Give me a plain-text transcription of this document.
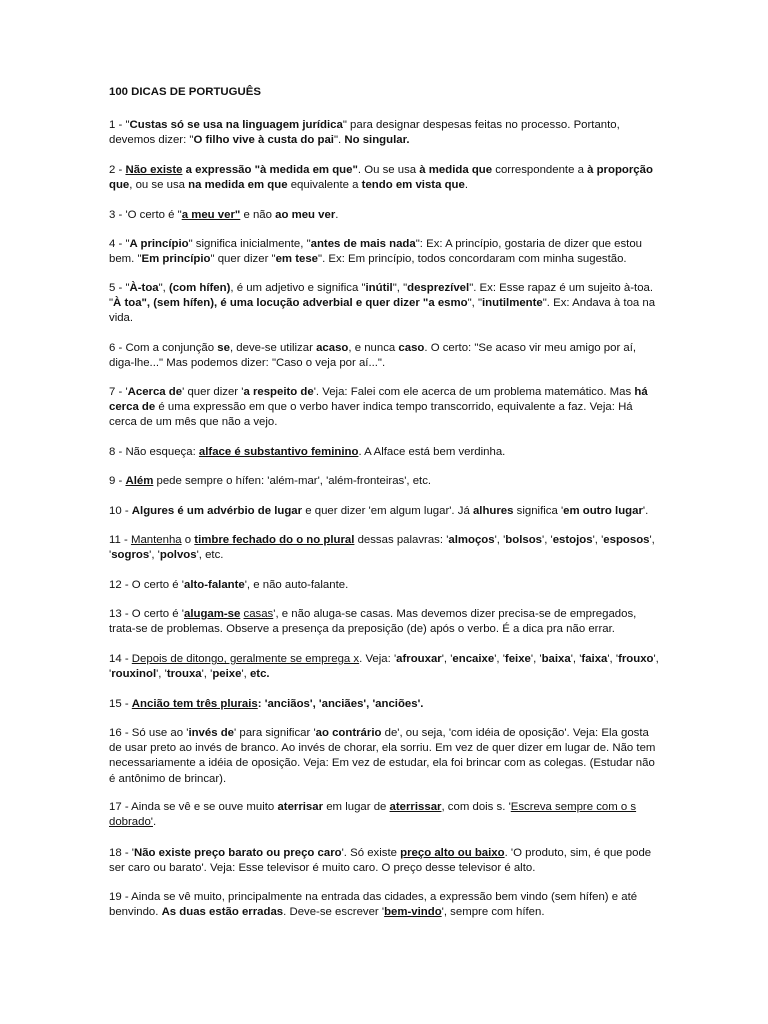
100 DICAS DE PORTUGUÊS
1 - "Custas só se usa na linguagem jurídica" para designar despesas feitas no processo. Portanto, devemos dizer: "O filho vive à custa do pai". No singular.
2 - Não existe a expressão "à medida em que". Ou se usa à medida que correspondente a à proporção que, ou se usa na medida em que equivalente a tendo em vista que.
3 - 'O certo é "a meu ver" e não ao meu ver.
4 - "A princípio" significa inicialmente, "antes de mais nada": Ex: A princípio, gostaria de dizer que estou bem. "Em princípio" quer dizer "em tese". Ex: Em princípio, todos concordaram com minha sugestão.
5 - "À-toa", (com hífen), é um adjetivo e significa "inútil", "desprezível". Ex: Esse rapaz é um sujeito à-toa. "À toa", (sem hífen), é uma locução adverbial e quer dizer "a esmo", "inutilmente". Ex: Andava à toa na vida.
6 - Com a conjunção se, deve-se utilizar acaso, e nunca caso. O certo: "Se acaso vir meu amigo por aí, diga-lhe..." Mas podemos dizer: "Caso o veja por aí...".
7 - 'Acerca de' quer dizer 'a respeito de'. Veja: Falei com ele acerca de um problema matemático. Mas há cerca de é uma expressão em que o verbo haver indica tempo transcorrido, equivalente a faz. Veja: Há cerca de um mês que não a vejo.
8 - Não esqueça: alface é substantivo feminino. A Alface está bem verdinha.
9 - Além pede sempre o hífen: 'além-mar', 'além-fronteiras', etc.
10 - Algures é um advérbio de lugar e quer dizer 'em algum lugar'. Já alhures significa 'em outro lugar'.
11 - Mantenha o timbre fechado do o no plural dessas palavras: 'almoços', 'bolsos', 'estojos', 'esposos', 'sogros', 'polvos', etc.
12 - O certo é 'alto-falante', e não auto-falante.
13 - O certo é 'alugam-se casas', e não aluga-se casas. Mas devemos dizer precisa-se de empregados, trata-se de problemas. Observe a presença da preposição (de) após o verbo. É a dica pra não errar.
14 - Depois de ditongo, geralmente se emprega x. Veja: 'afrouxar', 'encaixe', 'feixe', 'baixa', 'faixa', 'frouxo', 'rouxinol', 'trouxa', 'peixe', etc.
15 - Ancião tem três plurais: 'anciãos', 'anciães', 'anciões'.
16 - Só use ao 'invés de' para significar 'ao contrário de', ou seja, 'com idéia de oposição'. Veja: Ela gosta de usar preto ao invés de branco. Ao invés de chorar, ela sorriu. Em vez de quer dizer em lugar de. Não tem necessariamente a idéia de oposição. Veja: Em vez de estudar, ela foi brincar com as colegas. (Estudar não é antônimo de brincar).
17 - Ainda se vê e se ouve muito aterrisar em lugar de aterrissar, com dois s. 'Escreva sempre com o s dobrado'.
18 - 'Não existe preço barato ou preço caro'. Só existe preço alto ou baixo. 'O produto, sim, é que pode ser caro ou barato'. Veja: Esse televisor é muito caro. O preço desse televisor é alto.
19 - Ainda se vê muito, principalmente na entrada das cidades, a expressão bem vindo (sem hífen) e até benvindo. As duas estão erradas. Deve-se escrever 'bem-vindo', sempre com hífen.
